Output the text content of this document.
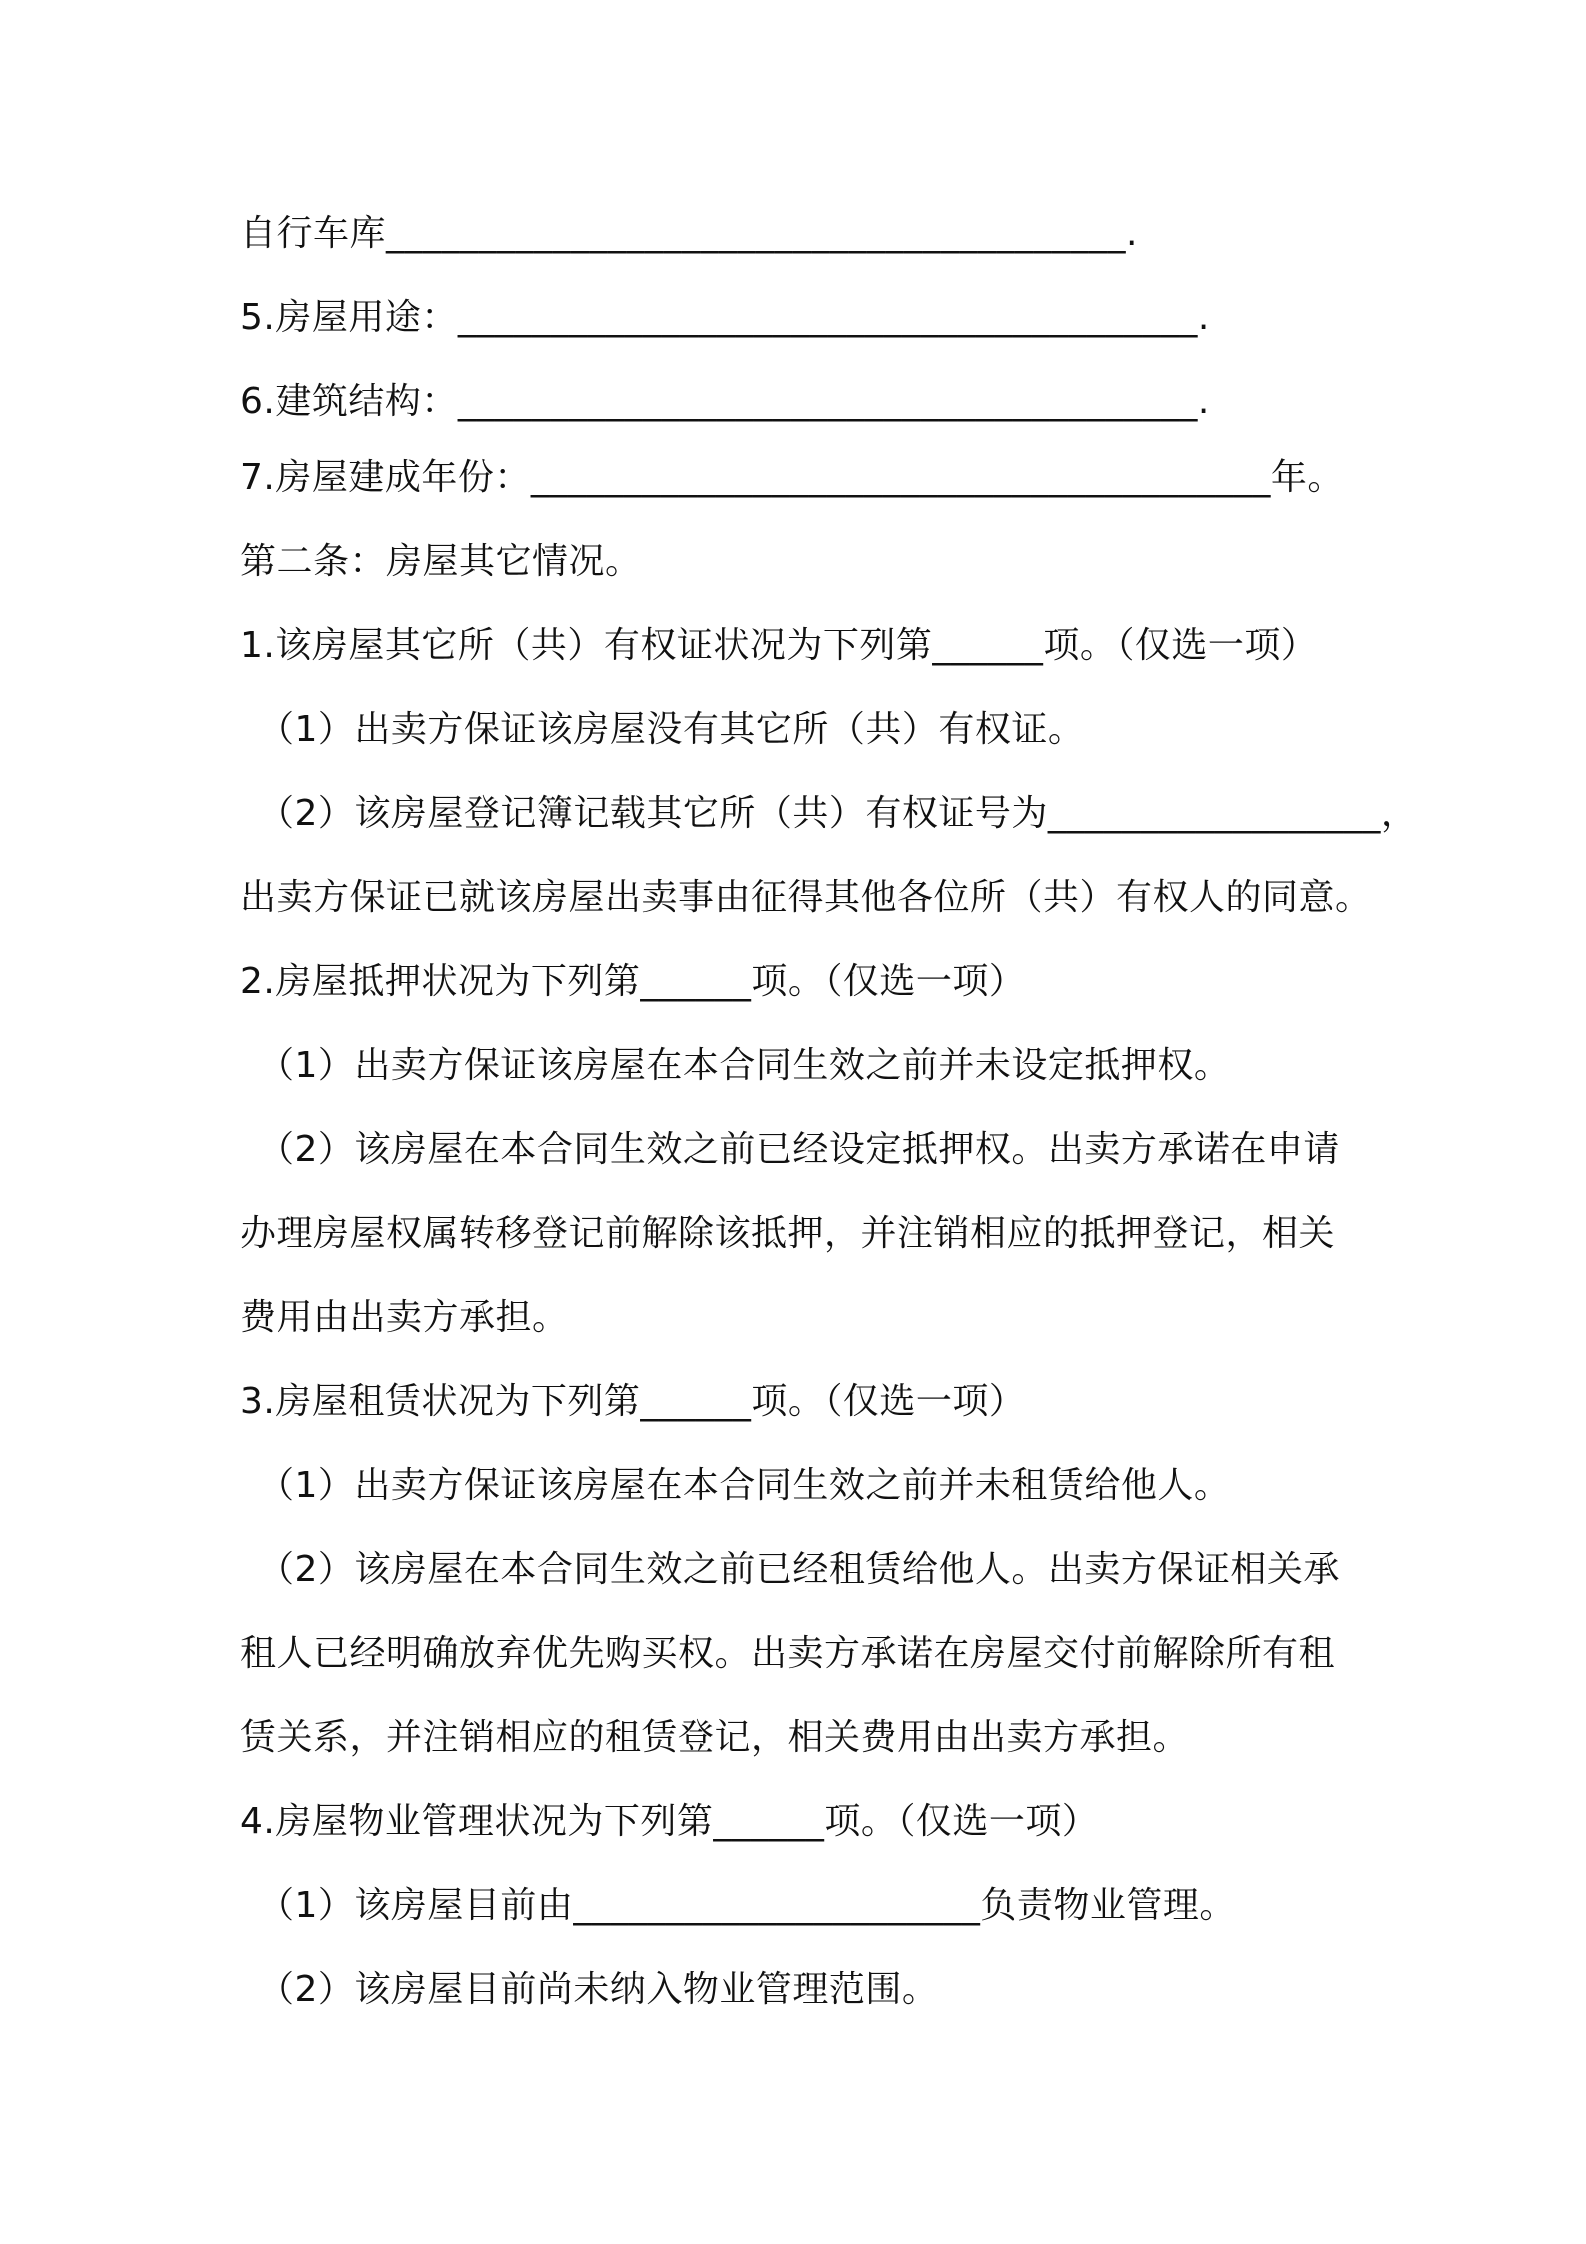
自行车库________________________________________.
5.房屋用途：________________________________________.
6.建筑结构：________________________________________.
7.房屋建成年份：________________________________________年。
第二条：房屋其它情况。
1.该房屋其它所（共）有权证状况为下列第______项。（仅选一项）
（1）出卖方保证该房屋没有其它所（共）有权证。
（2）该房屋登记簿记载其它所（共）有权证号为__________________，
出卖方保证已就该房屋出卖事由征得其他各位所（共）有权人的同意。
2.房屋抵押状况为下列第______项。（仅选一项）
（1）出卖方保证该房屋在本合同生效之前并未设定抵押权。
（2）该房屋在本合同生效之前已经设定抵押权。出卖方承诺在申请
办理房屋权属转移登记前解除该抵押，并注销相应的抵押登记，相关
费用由出卖方承担。
3.房屋租赁状况为下列第______项。（仅选一项）
（1）出卖方保证该房屋在本合同生效之前并未租赁给他人。
（2）该房屋在本合同生效之前已经租赁给他人。出卖方保证相关承
租人已经明确放弃优先购买权。出卖方承诺在房屋交付前解除所有租
赁关系，并注销相应的租赁登记，相关费用由出卖方承担。
4.房屋物业管理状况为下列第______项。（仅选一项）
（1）该房屋目前由______________________负责物业管理。
（2）该房屋目前尚未纳入物业管理范围。
